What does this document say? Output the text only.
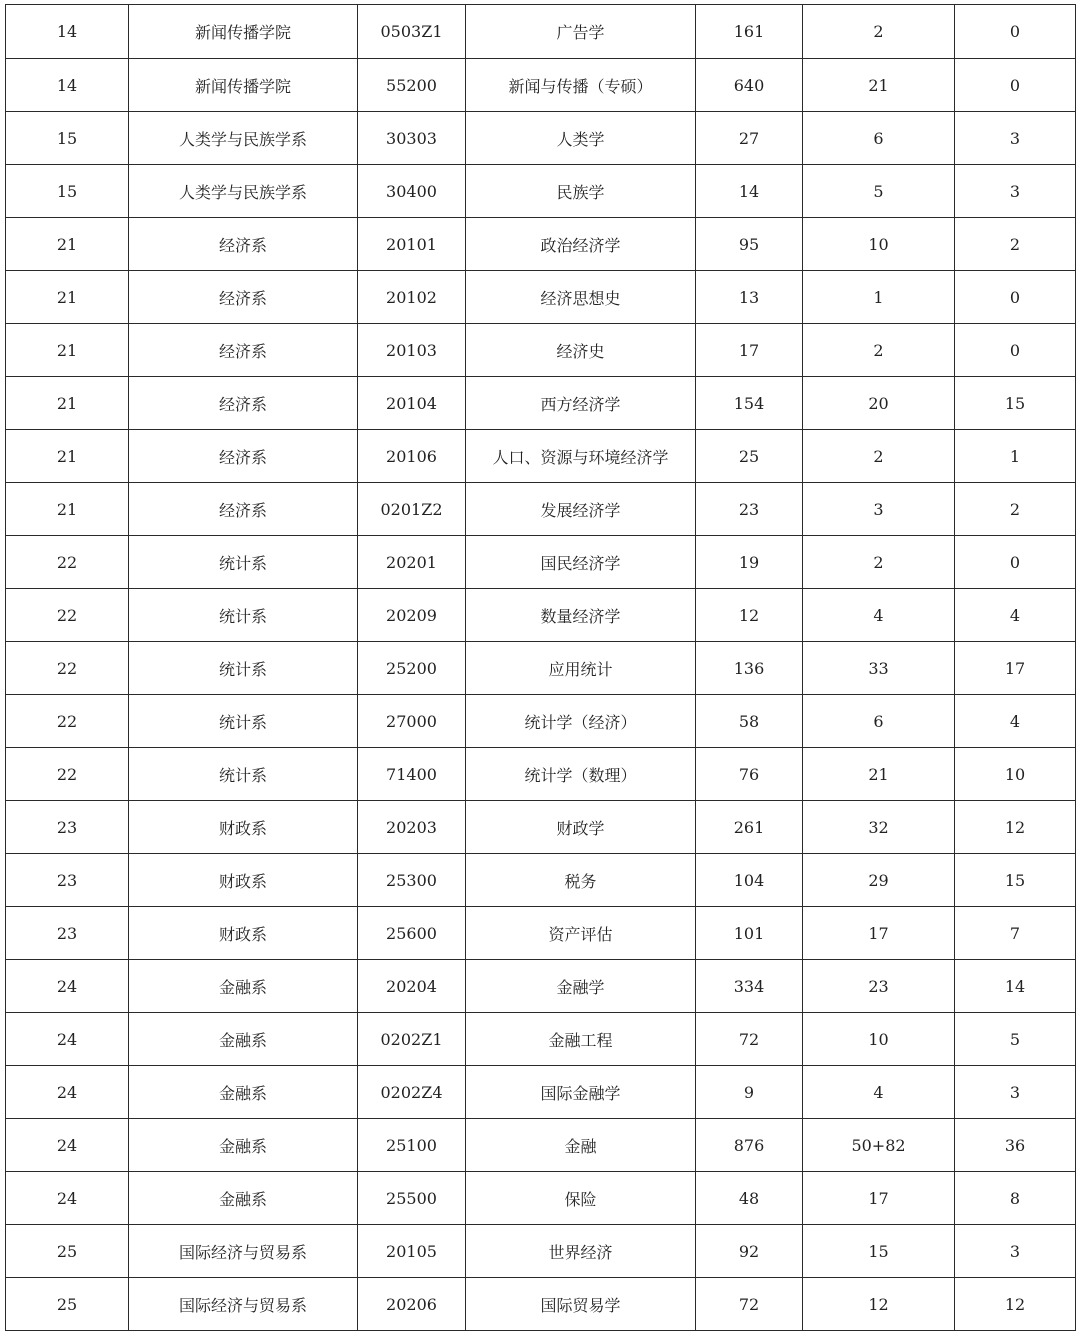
14	新闻传播学院	0503Z1	广告学	161	2	0
14	新闻传播学院	55200	新闻与传播（专硕）	640	21	0
15	人类学与民族学系	30303	人类学	27	6	3
15	人类学与民族学系	30400	民族学	14	5	3
21	经济系	20101	政治经济学	95	10	2
21	经济系	20102	经济思想史	13	1	0
21	经济系	20103	经济史	17	2	0
21	经济系	20104	西方经济学	154	20	15
21	经济系	20106	人口、资源与环境经济学	25	2	1
21	经济系	0201Z2	发展经济学	23	3	2
22	统计系	20201	国民经济学	19	2	0
22	统计系	20209	数量经济学	12	4	4
22	统计系	25200	应用统计	136	33	17
22	统计系	27000	统计学（经济）	58	6	4
22	统计系	71400	统计学（数理）	76	21	10
23	财政系	20203	财政学	261	32	12
23	财政系	25300	税务	104	29	15
23	财政系	25600	资产评估	101	17	7
24	金融系	20204	金融学	334	23	14
24	金融系	0202Z1	金融工程	72	10	5
24	金融系	0202Z4	国际金融学	9	4	3
24	金融系	25100	金融	876	50+82	36
24	金融系	25500	保险	48	17	8
25	国际经济与贸易系	20105	世界经济	92	15	3
25	国际经济与贸易系	20206	国际贸易学	72	12	12
